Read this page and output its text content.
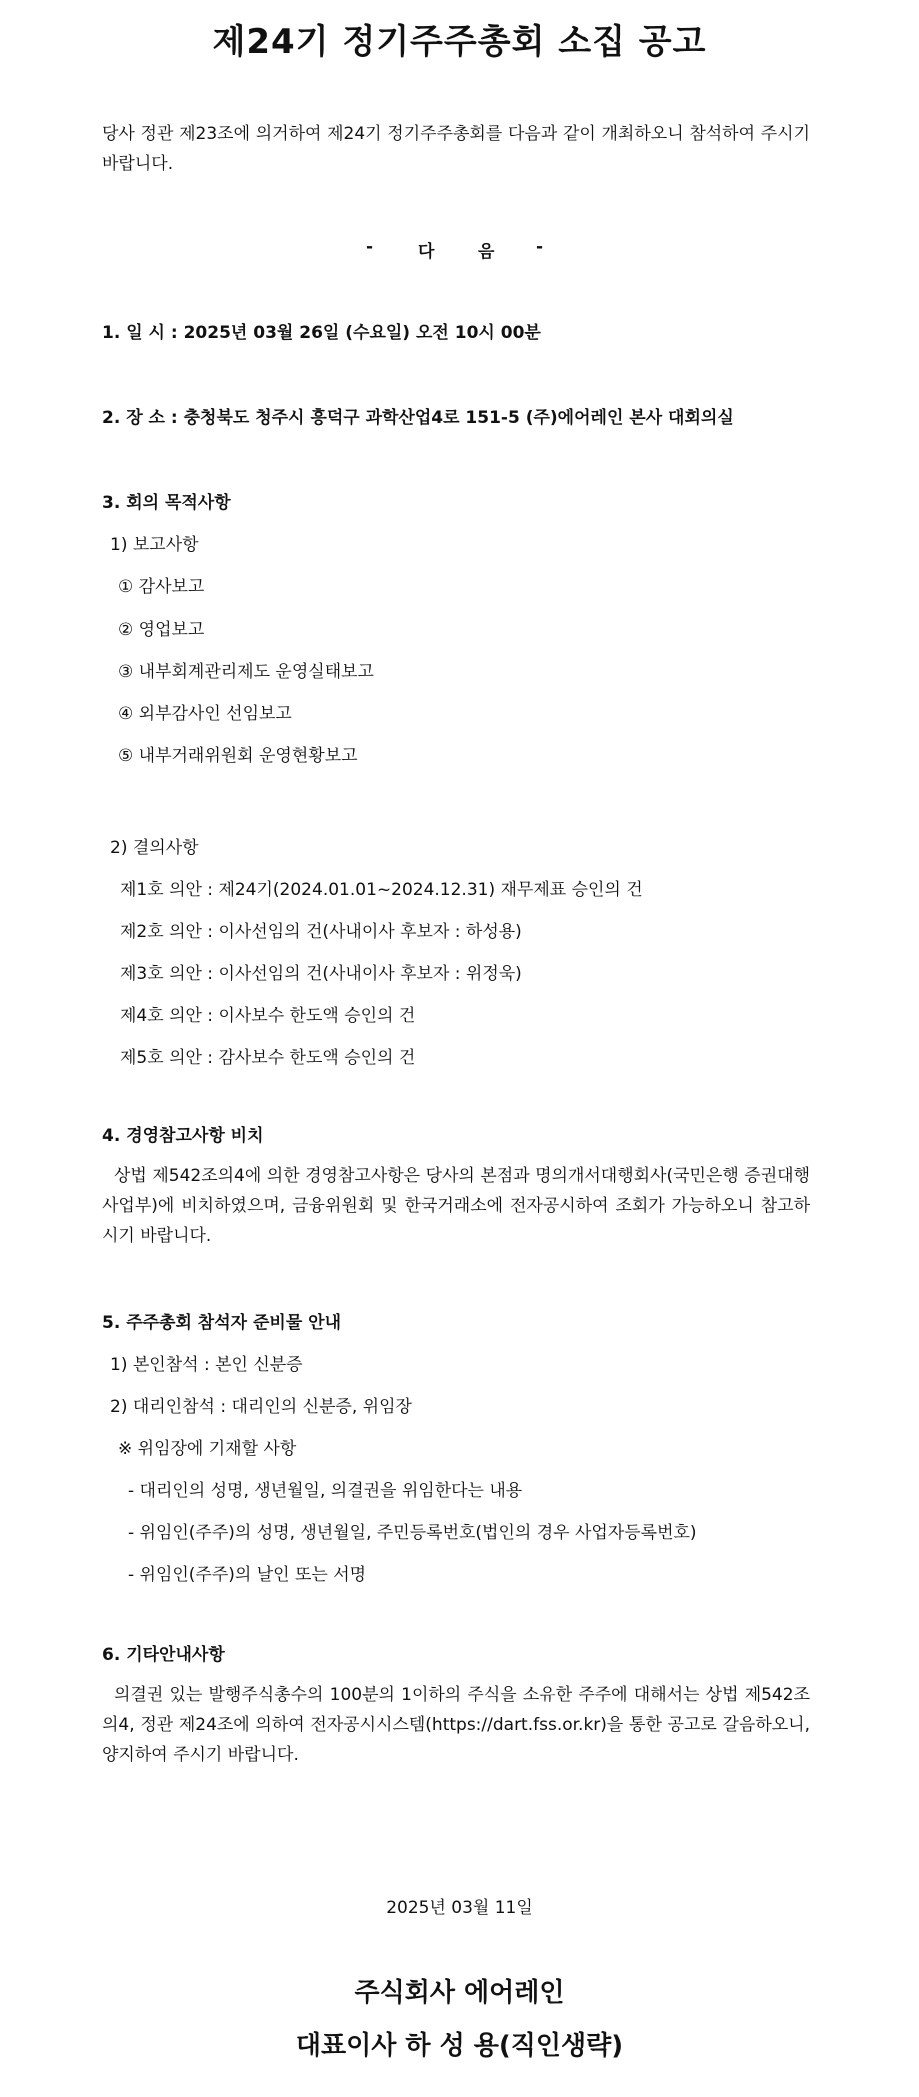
제24기 정기주주총회 소집 공고
당사 정관 제23조에 의거하여 제24기 정기주주총회를 다음과 같이 개최하오니 참석하여 주시기 바랍니다.
-	다	음 -
1. 일 시 : 2025년 03월 26일 (수요일) 오전 10시 00분
2. 장 소 : 충청북도 청주시 흥덕구 과학산업4로 151-5 (주)에어레인 본사 대회의실
3. 회의 목적사항
1) 보고사항
① 감사보고
② 영업보고
③ 내부회계관리제도 운영실태보고
④ 외부감사인 선임보고
⑤ 내부거래위원회 운영현황보고
2) 결의사항
제1호 의안 : 제24기(2024.01.01~2024.12.31) 재무제표 승인의 건
제2호 의안 : 이사선임의 건(사내이사 후보자 : 하성용)
제3호 의안 : 이사선임의 건(사내이사 후보자 : 위정욱)
제4호 의안 : 이사보수 한도액 승인의 건
제5호 의안 : 감사보수 한도액 승인의 건
4. 경영참고사항 비치
상법 제542조의4에 의한 경영참고사항은 당사의 본점과 명의개서대행회사(국민은행 증권대행사업부)에 비치하였으며, 금융위원회 및 한국거래소에 전자공시하여 조회가 가능하오니 참고하시기 바랍니다.
5. 주주총회 참석자 준비물 안내
1) 본인참석 : 본인 신분증
2) 대리인참석 : 대리인의 신분증, 위임장
※ 위임장에 기재할 사항
- 대리인의 성명, 생년월일, 의결권을 위임한다는 내용
- 위임인(주주)의 성명, 생년월일, 주민등록번호(법인의 경우 사업자등록번호)
- 위임인(주주)의 날인 또는 서명
6. 기타안내사항
의결권 있는 발행주식총수의 100분의 1이하의 주식을 소유한 주주에 대해서는 상법 제542조의4, 정관 제24조에 의하여 전자공시시스템(https://dart.fss.or.kr)을 통한 공고로 갈음하오니, 양지하여 주시기 바랍니다.
2025년 03월 11일
주식회사 에어레인
대표이사 하 성 용(직인생략)
